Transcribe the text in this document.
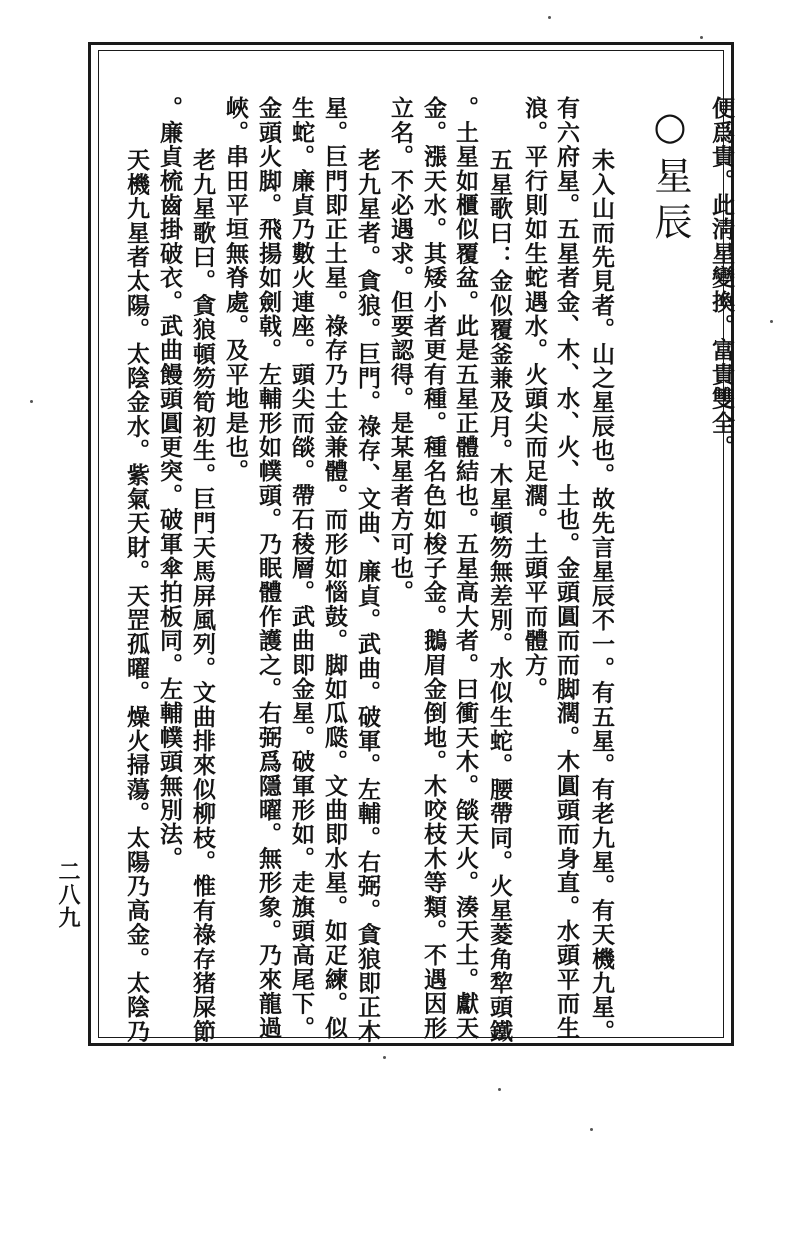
便爲貴。此淸星變換。富貴雙全。
○星辰
未入山而先見者。山之星辰也。故先言星辰不一。有五星。有老九星。有天機九星。
有六府星。五星者金、木、水、火、土也。金頭圓而而脚濶。木圓頭而身直。水頭平而生
浪。平行則如生蛇遇水。火頭尖而足濶。土頭平而體方。
五星歌曰：金似覆釜兼及月。木星頓笏無差別。水似生蛇。腰帶同。火星菱角犂頭鐵
。土星如櫃似覆盆。此是五星正體結也。五星高大者。曰衝天木。燄天火。湊天土。獻天
金。漲天水。其矮小者更有種。種名色如梭子金。鵝眉金倒地。木咬枝木等類。不遇因形
立名。不必遇求。但要認得。是某星者方可也。
老九星者。貪狼。巨門。祿存、文曲、廉貞。武曲。破軍。左輔。右弼。貪狼即正木
星。巨門即正土星。祿存乃土金兼體。而形如惱鼓。脚如瓜瓞。文曲即水星。如疋練。似
生蛇。廉貞乃數火連座。頭尖而燄。帶石稜層。武曲即金星。破軍形如。走旗頭高尾下。
金頭火脚。飛揚如劍戟。左輔形如幞頭。乃眠體作護之。右弼爲隱曜。無形象。乃來龍過
峽。串田平垣無脊處。及平地是也。
老九星歌曰。貪狼頓笏筍初生。巨門天馬屏風列。文曲排來似柳枝。惟有祿存猪屎節
。廉貞梳齒掛破衣。武曲饅頭圓更突。破軍傘拍板同。左輔幞頭無別法。
天機九星者太陽。太陰金水。紫氣天財。天罡孤曜。燥火掃蕩。太陽乃高金。太陰乃
二八九
